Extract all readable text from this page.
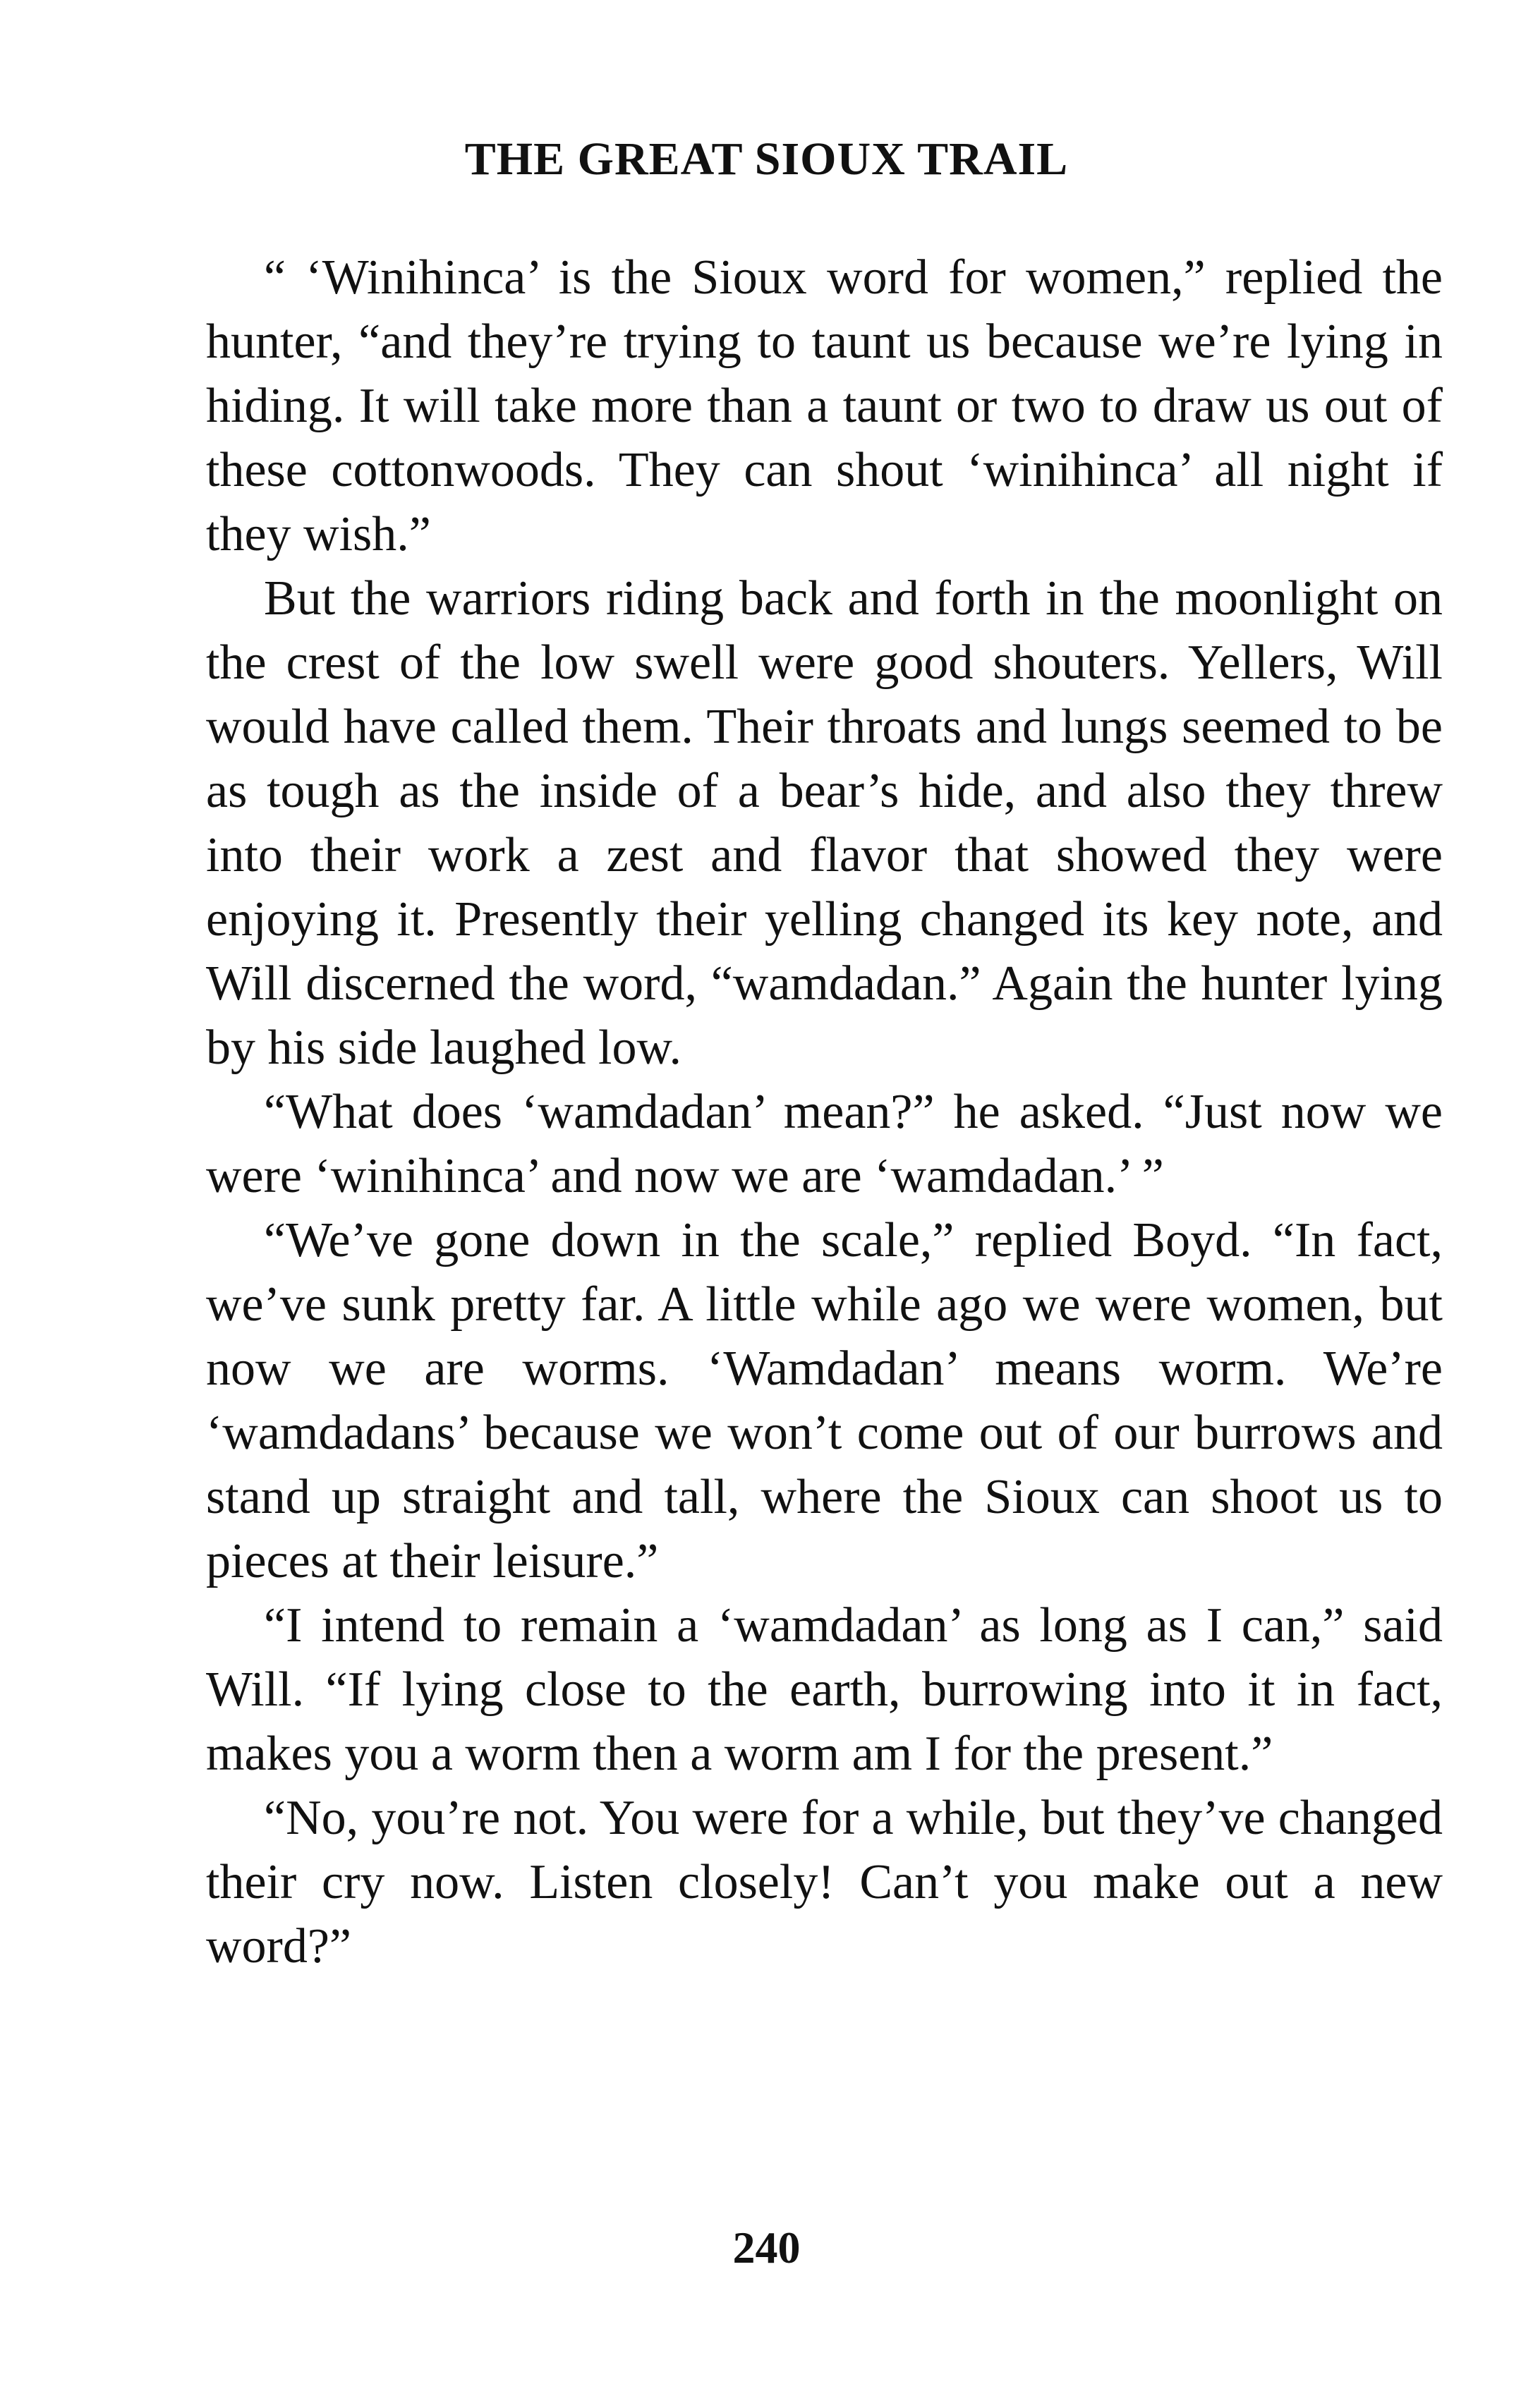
THE GREAT SIOUX TRAIL

“ ‘Winihinca’ is the Sioux word for women,” replied the hunter, “and they’re trying to taunt us because we’re lying in hiding. It will take more than a taunt or two to draw us out of these cottonwoods. They can shout ‘winihinca’ all night if they wish.”

But the warriors riding back and forth in the moonlight on the crest of the low swell were good shouters. Yellers, Will would have called them. Their throats and lungs seemed to be as tough as the inside of a bear’s hide, and also they threw into their work a zest and flavor that showed they were enjoying it. Presently their yelling changed its key note, and Will discerned the word, “wamdadan.” Again the hunter lying by his side laughed low.

“What does ‘wamdadan’ mean?” he asked. “Just now we were ‘winihinca’ and now we are ‘wamdadan.’ ”

“We’ve gone down in the scale,” replied Boyd. “In fact, we’ve sunk pretty far. A little while ago we were women, but now we are worms. ‘Wamdadan’ means worm. We’re ‘wamdadans’ because we won’t come out of our burrows and stand up straight and tall, where the Sioux can shoot us to pieces at their leisure.”

“I intend to remain a ‘wamdadan’ as long as I can,” said Will. “If lying close to the earth, burrowing into it in fact, makes you a worm then a worm am I for the present.”

“No, you’re not. You were for a while, but they’ve changed their cry now. Listen closely! Can’t you make out a new word?”

240
